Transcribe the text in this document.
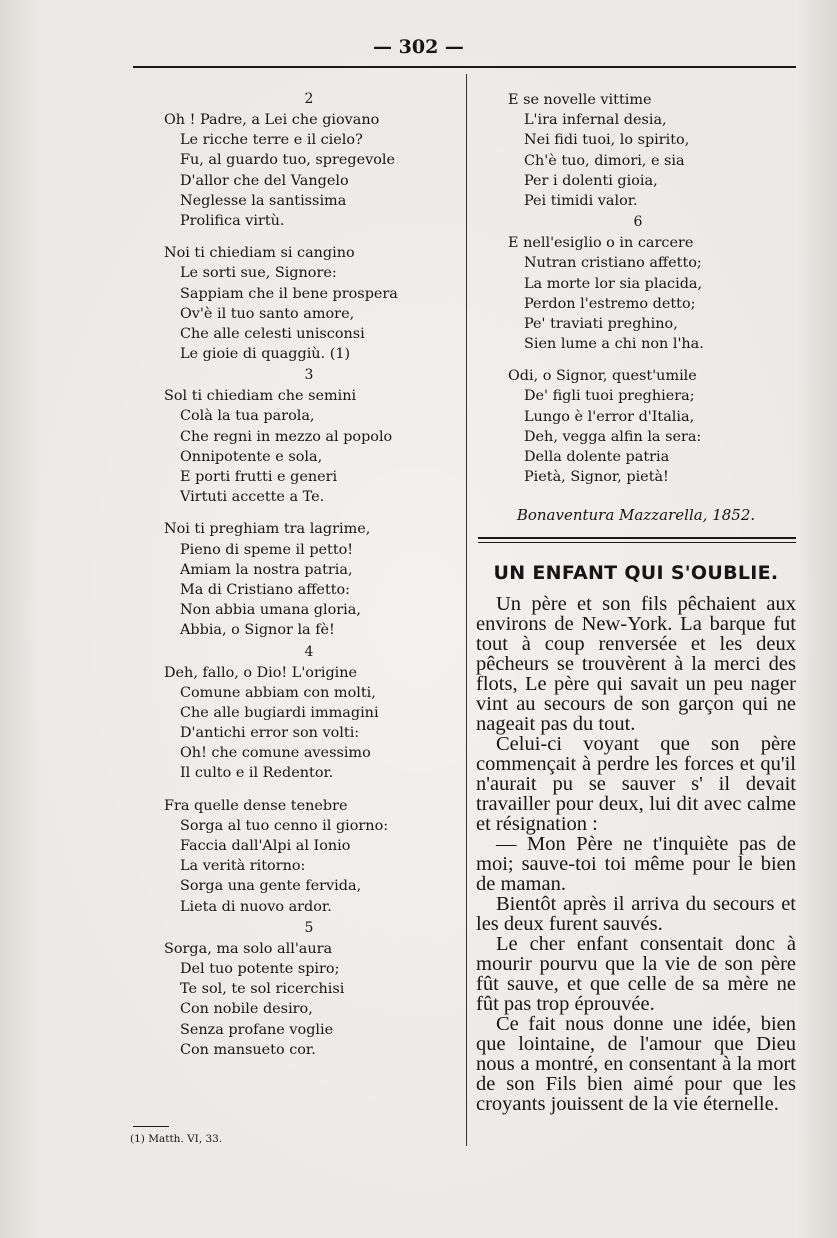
— 302 —
2
Oh ! Padre, a Lei che giovano
Le ricche terre e il cielo?
Fu, al guardo tuo, spregevole
D'allor che del Vangelo
Neglesse la santissima
Prolifica virtù.
Noi ti chiediam si cangino
Le sorti sue, Signore:
Sappiam che il bene prospera
Ov'è il tuo santo amore,
Che alle celesti unisconsi
Le gioie di quaggiù. (1)
3
Sol ti chiediam che semini
Colà la tua parola,
Che regni in mezzo al popolo
Onnipotente e sola,
E porti frutti e generi
Virtuti accette a Te.
Noi ti preghiam tra lagrime,
Pieno di speme il petto!
Amiam la nostra patria,
Ma di Cristiano affetto:
Non abbia umana gloria,
Abbia, o Signor la fè!
4
Deh, fallo, o Dio! L'origine
Comune abbiam con molti,
Che alle bugiardi immagini
D'antichi error son volti:
Oh! che comune avessimo
Il culto e il Redentor.
Fra quelle dense tenebre
Sorga al tuo cenno il giorno:
Faccia dall'Alpi al Ionio
La verità ritorno:
Sorga una gente fervida,
Lieta di nuovo ardor.
5
Sorga, ma solo all'aura
Del tuo potente spiro;
Te sol, te sol ricerchisi
Con nobile desiro,
Senza profane voglie
Con mansueto cor.
E se novelle vittime
L'ira infernal desia,
Nei fidi tuoi, lo spirito,
Ch'è tuo, dimori, e sia
Per i dolenti gioia,
Pei timidi valor.
6
E nell'esiglio o in carcere
Nutran cristiano affetto;
La morte lor sia placida,
Perdon l'estremo detto;
Pe' traviati preghino,
Sien lume a chi non l'ha.
Odi, o Signor, quest'umile
De' figli tuoi preghiera;
Lungo è l'error d'Italia,
Deh, vegga alfin la sera:
Della dolente patria
Pietà, Signor, pietà!
Bonaventura Mazzarella, 1852.
UN ENFANT QUI S'OUBLIE.

Un père et son fils pêchaient aux environs de New-York. La barque fut tout à coup renversée et les deux pêcheurs se trouvèrent à la merci des flots, Le père qui savait un peu nager vint au secours de son garçon qui ne nageait pas du tout.

Celui-ci voyant que son père commençait à perdre les forces et qu'il n'aurait pu se sauver s' il devait travailler pour deux, lui dit avec calme et résignation :

— Mon Père ne t'inquiète pas de moi; sauve-toi toi même pour le bien de maman.

Bientôt après il arriva du secours et les deux furent sauvés.

Le cher enfant consentait donc à mourir pourvu que la vie de son père fût sauve, et que celle de sa mère ne fût pas trop éprouvée.

Ce fait nous donne une idée, bien que lointaine, de l'amour que Dieu nous a montré, en consentant à la mort de son Fils bien aimé pour que les croyants jouissent de la vie éternelle.

(1) Matth. VI, 33.
